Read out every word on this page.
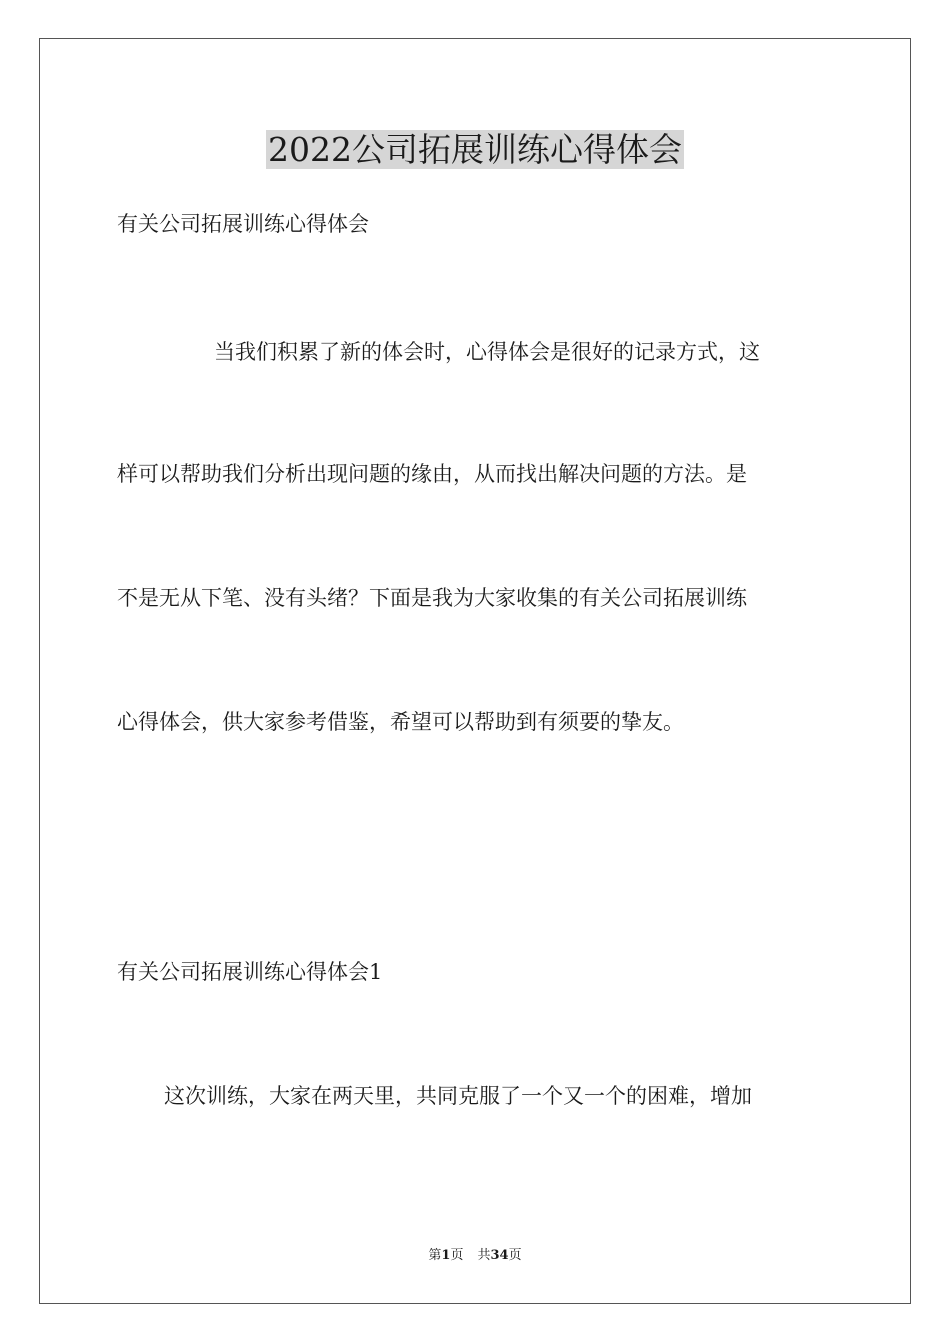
2022公司拓展训练心得体会
有关公司拓展训练心得体会
当我们积累了新的体会时，心得体会是很好的记录方式，这
样可以帮助我们分析出现问题的缘由，从而找出解决问题的方法。是
不是无从下笔、没有头绪？下面是我为大家收集的有关公司拓展训练
心得体会，供大家参考借鉴，希望可以帮助到有须要的挚友。
有关公司拓展训练心得体会1
这次训练，大家在两天里，共同克服了一个又一个的困难，增加
第1页 共34页
